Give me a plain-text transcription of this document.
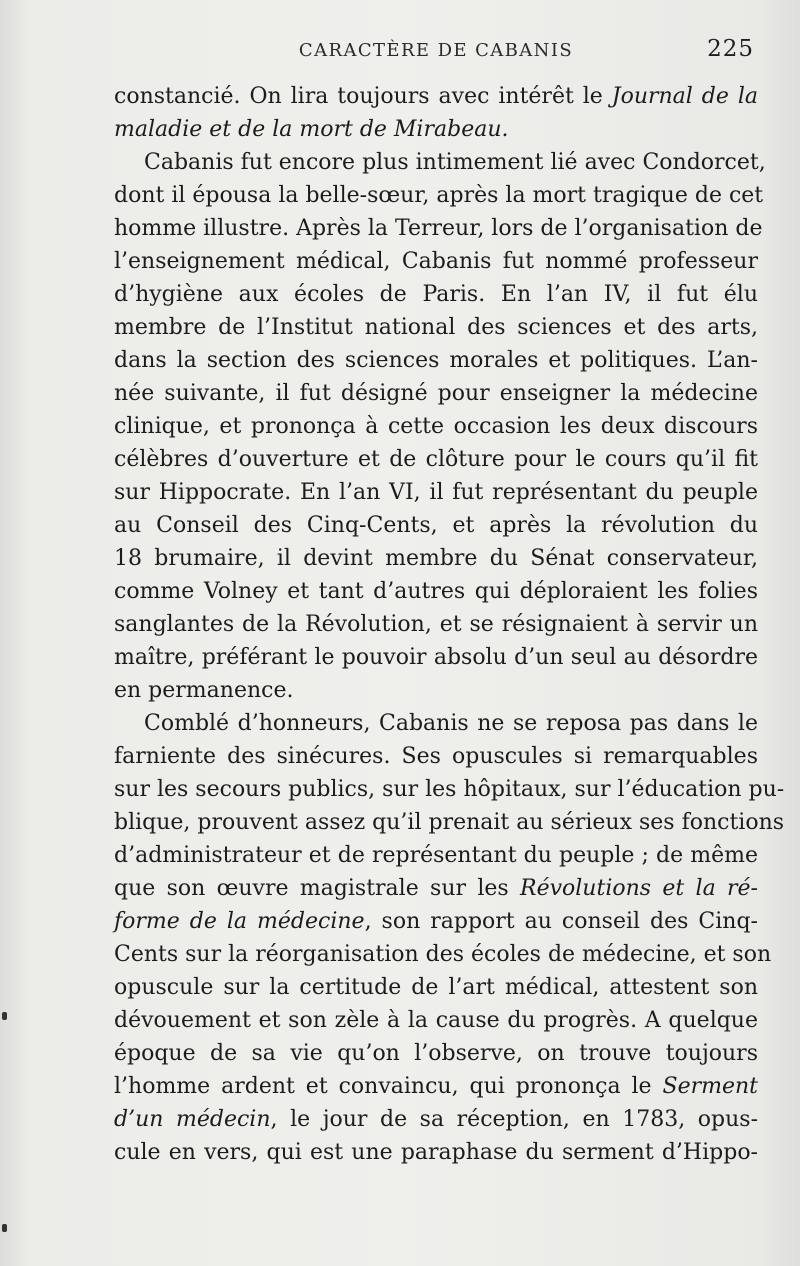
CARACTÈRE DE CABANIS	225
constancié. On lira toujours avec intérêt le Journal de la
maladie et de la mort de Mirabeau.
Cabanis fut encore plus intimement lié avec Condorcet,
dont il épousa la belle-sœur, après la mort tragique de cet
homme illustre. Après la Terreur, lors de l’organisation de
l’enseignement médical, Cabanis fut nommé professeur
d’hygiène aux écoles de Paris. En l’an IV, il fut élu
membre de l’Institut national des sciences et des arts,
dans la section des sciences morales et politiques. L’an-
née suivante, il fut désigné pour enseigner la médecine
clinique, et prononça à cette occasion les deux discours
célèbres d’ouverture et de clôture pour le cours qu’il fit
sur Hippocrate. En l’an VI, il fut représentant du peuple
au Conseil des Cinq-Cents, et après la révolution du
18 brumaire, il devint membre du Sénat conservateur,
comme Volney et tant d’autres qui déploraient les folies
sanglantes de la Révolution, et se résignaient à servir un
maître, préférant le pouvoir absolu d’un seul au désordre
en permanence.
Comblé d’honneurs, Cabanis ne se reposa pas dans le
farniente des sinécures. Ses opuscules si remarquables
sur les secours publics, sur les hôpitaux, sur l’éducation pu-
blique, prouvent assez qu’il prenait au sérieux ses fonctions
d’administrateur et de représentant du peuple ; de même
que son œuvre magistrale sur les Révolutions et la ré-
forme de la médecine, son rapport au conseil des Cinq-
Cents sur la réorganisation des écoles de médecine, et son
opuscule sur la certitude de l’art médical, attestent son
dévouement et son zèle à la cause du progrès. A quelque
époque de sa vie qu’on l’observe, on trouve toujours
l’homme ardent et convaincu, qui prononça le Serment
d’un médecin, le jour de sa réception, en 1783, opus-
cule en vers, qui est une paraphase du serment d’Hippo-
